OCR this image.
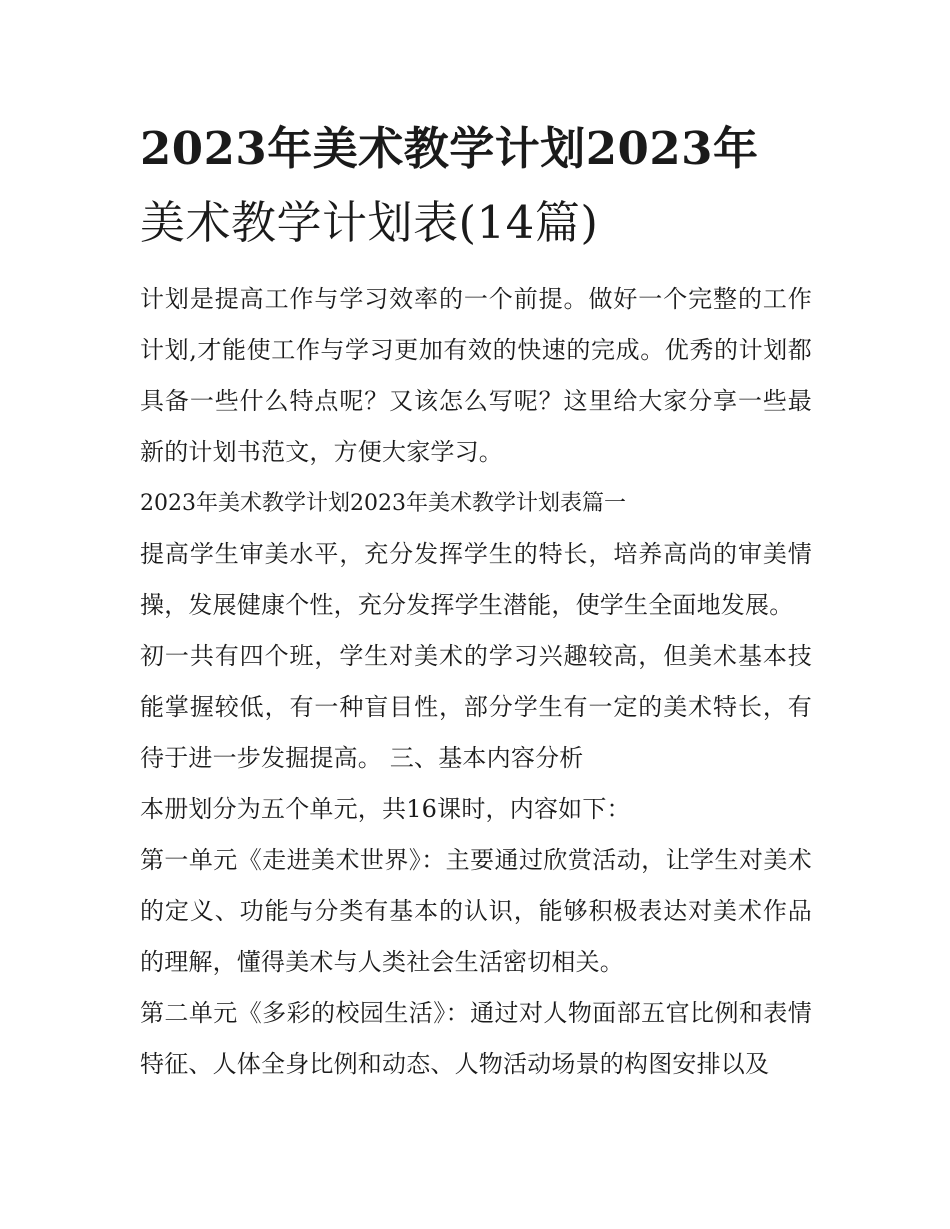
2023年美术教学计划2023年
美术教学计划表(14篇)

计划是提高工作与学习效率的一个前提。做好一个完整的工作计划,才能使工作与学习更加有效的快速的完成。优秀的计划都具备一些什么特点呢？又该怎么写呢？这里给大家分享一些最新的计划书范文，方便大家学习。

2023年美术教学计划2023年美术教学计划表篇一

提高学生审美水平，充分发挥学生的特长，培养高尚的审美情操，发展健康个性，充分发挥学生潜能，使学生全面地发展。

初一共有四个班，学生对美术的学习兴趣较高，但美术基本技能掌握较低，有一种盲目性，部分学生有一定的美术特长，有待于进一步发掘提高。 三、基本内容分析

本册划分为五个单元，共16课时，内容如下：

第一单元《走进美术世界》：主要通过欣赏活动，让学生对美术的定义、功能与分类有基本的认识，能够积极表达对美术作品的理解，懂得美术与人类社会生活密切相关。

第二单元《多彩的校园生活》：通过对人物面部五官比例和表情特征、人体全身比例和动态、人物活动场景的构图安排以及
